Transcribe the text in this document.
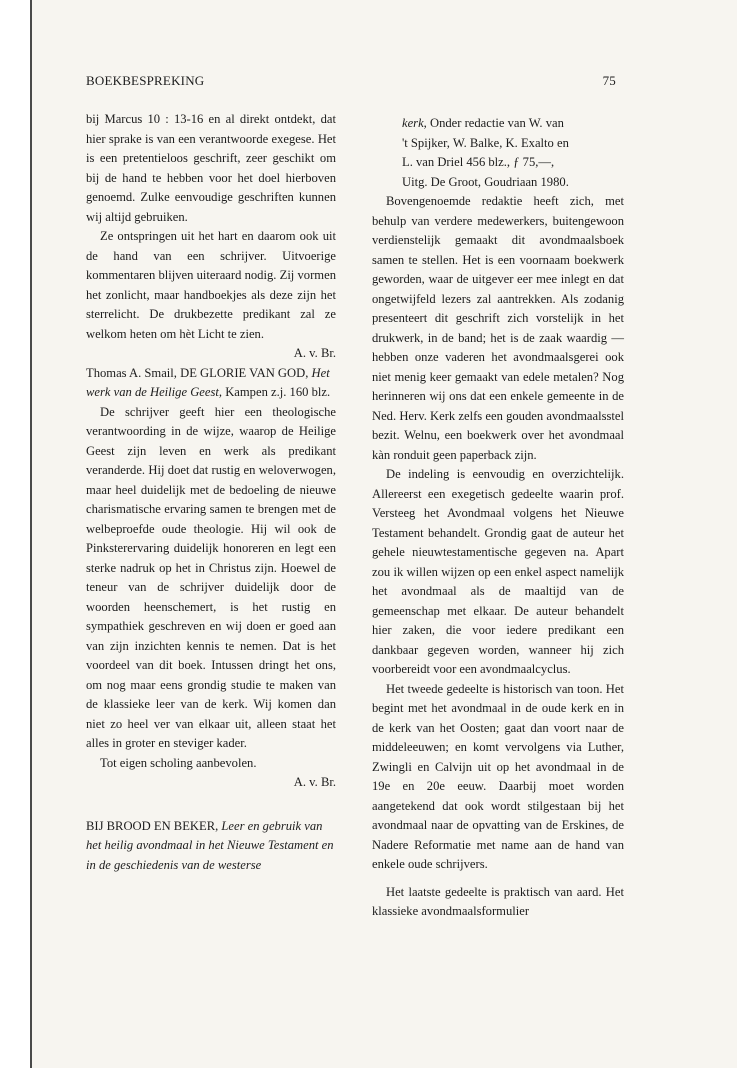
BOEKBESPREKING	75

bij Marcus 10 : 13-16 en al direkt ontdekt, dat hier sprake is van een verantwoorde exegese. Het is een pretentieloos geschrift, zeer geschikt om bij de hand te hebben voor het doel hierboven genoemd. Zulke eenvoudige geschriften kunnen wij altijd gebruiken.

Ze ontspringen uit het hart en daarom ook uit de hand van een schrijver. Uitvoerige kommentaren blijven uiteraard nodig. Zij vormen het zonlicht, maar handboekjes als deze zijn het sterrelicht. De drukbezette predikant zal ze welkom heten om hèt Licht te zien.

A. v. Br.

Thomas A. Smail, DE GLORIE VAN GOD, Het werk van de Heilige Geest, Kampen z.j. 160 blz.

De schrijver geeft hier een theologische verantwoording in de wijze, waarop de Heilige Geest zijn leven en werk als predikant veranderde. Hij doet dat rustig en weloverwogen, maar heel duidelijk met de bedoeling de nieuwe charismatische ervaring samen te brengen met de welbeproefde oude theologie. Hij wil ook de Pinksterervaring duidelijk honoreren en legt een sterke nadruk op het in Christus zijn. Hoewel de teneur van de schrijver duidelijk door de woorden heenschemert, is het rustig en sympathiek geschreven en wij doen er goed aan van zijn inzichten kennis te nemen. Dat is het voordeel van dit boek. Intussen dringt het ons, om nog maar eens grondig studie te maken van de klassieke leer van de kerk. Wij komen dan niet zo heel ver van elkaar uit, alleen staat het alles in groter en steviger kader.

Tot eigen scholing aanbevolen.

A. v. Br.

BIJ BROOD EN BEKER, Leer en gebruik van het heilig avondmaal in het Nieuwe Testament en in de geschiedenis van de westerse

kerk, Onder redactie van W. van
't Spijker, W. Balke, K. Exalto en
L. van Driel 456 blz., ƒ 75,—,
Uitg. De Groot, Goudriaan 1980.

Bovengenoemde redaktie heeft zich, met behulp van verdere medewerkers, buitengewoon verdienstelijk gemaakt dit avondmaalsboek samen te stellen. Het is een voornaam boekwerk geworden, waar de uitgever eer mee inlegt en dat ongetwijfeld lezers zal aantrekken. Als zodanig presenteert dit geschrift zich vorstelijk in het drukwerk, in de band; het is de zaak waardig — hebben onze vaderen het avondmaalsgerei ook niet menig keer gemaakt van edele metalen? Nog herinneren wij ons dat een enkele gemeente in de Ned. Herv. Kerk zelfs een gouden avondmaalsstel bezit. Welnu, een boekwerk over het avondmaal kàn ronduit geen paperback zijn.

De indeling is eenvoudig en overzichtelijk. Allereerst een exegetisch gedeelte waarin prof. Versteeg het Avondmaal volgens het Nieuwe Testament behandelt. Grondig gaat de auteur het gehele nieuwtestamentische gegeven na. Apart zou ik willen wijzen op een enkel aspect namelijk het avondmaal als de maaltijd van de gemeenschap met elkaar. De auteur behandelt hier zaken, die voor iedere predikant een dankbaar gegeven worden, wanneer hij zich voorbereidt voor een avondmaalcyclus.

Het tweede gedeelte is historisch van toon. Het begint met het avondmaal in de oude kerk en in de kerk van het Oosten; gaat dan voort naar de middeleeuwen; en komt vervolgens via Luther, Zwingli en Calvijn uit op het avondmaal in de 19e en 20e eeuw. Daarbij moet worden aangetekend dat ook wordt stilgestaan bij het avondmaal naar de opvatting van de Erskines, de Nadere Reformatie met name aan de hand van enkele oude schrijvers.

Het laatste gedeelte is praktisch van aard. Het klassieke avondmaalsformulier
